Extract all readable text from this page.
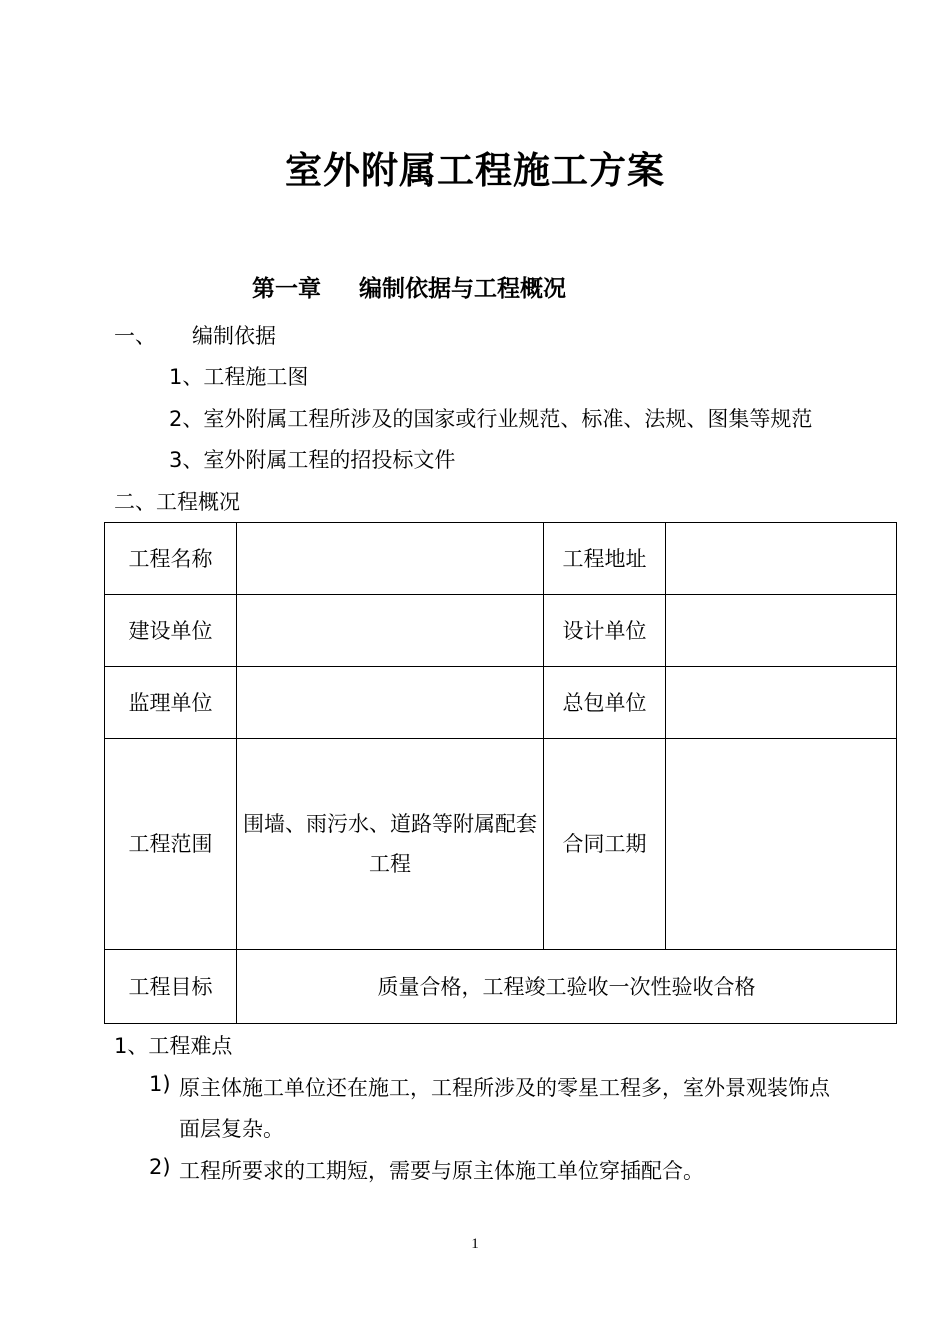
室外附属工程施工方案
第一章 编制依据与工程概况
一、 编制依据
1、工程施工图
2、室外附属工程所涉及的国家或行业规范、标准、法规、图集等规范
3、室外附属工程的招投标文件
二、工程概况
工程名称		工程地址	
建设单位		设计单位	
监理单位		总包单位	
工程范围	围墙、雨污水、道路等附属配套工程	合同工期	
工程目标	质量合格，工程竣工验收一次性验收合格		
1、工程难点
1) 原主体施工单位还在施工，工程所涉及的零星工程多，室外景观装饰点
面层复杂。
2) 工程所要求的工期短，需要与原主体施工单位穿插配合。
1
